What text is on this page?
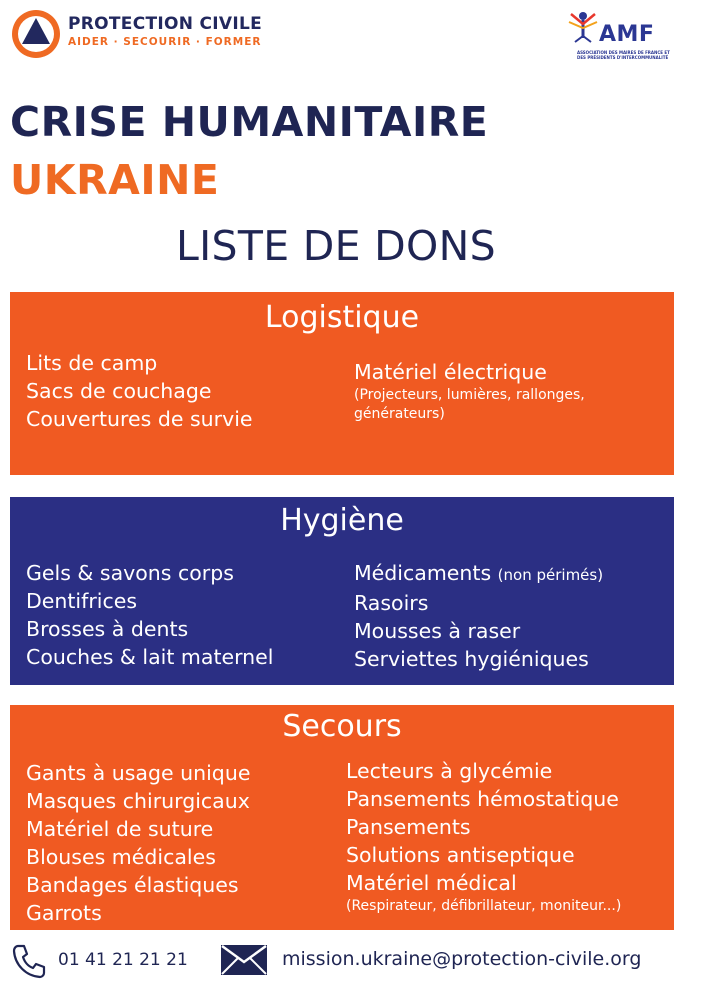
PROTECTION CIVILE
AIDER · SECOURIR · FORMER	AMF
ASSOCIATION DES MAIRES DE FRANCE ET DES PRÉSIDENTS D'INTERCOMMUNALITÉ
CRISE HUMANITAIRE
UKRAINE
LISTE DE DONS
Logistique
Lits de camp
Sacs de couchage
Couvertures de survie
Matériel électrique
(Projecteurs, lumières, rallonges,
générateurs)
Hygiène
Gels & savons corps
Dentifrices
Brosses à dents
Couches & lait maternel
Médicaments (non périmés)
Rasoirs
Mousses à raser
Serviettes hygiéniques
Secours
Gants à usage unique
Masques chirurgicaux
Matériel de suture
Blouses médicales
Bandages élastiques
Garrots
Lecteurs à glycémie
Pansements hémostatique
Pansements
Solutions antiseptique
Matériel médical
(Respirateur, défibrillateur, moniteur...)
01 41 21 21 21	mission.ukraine@protection-civile.org
